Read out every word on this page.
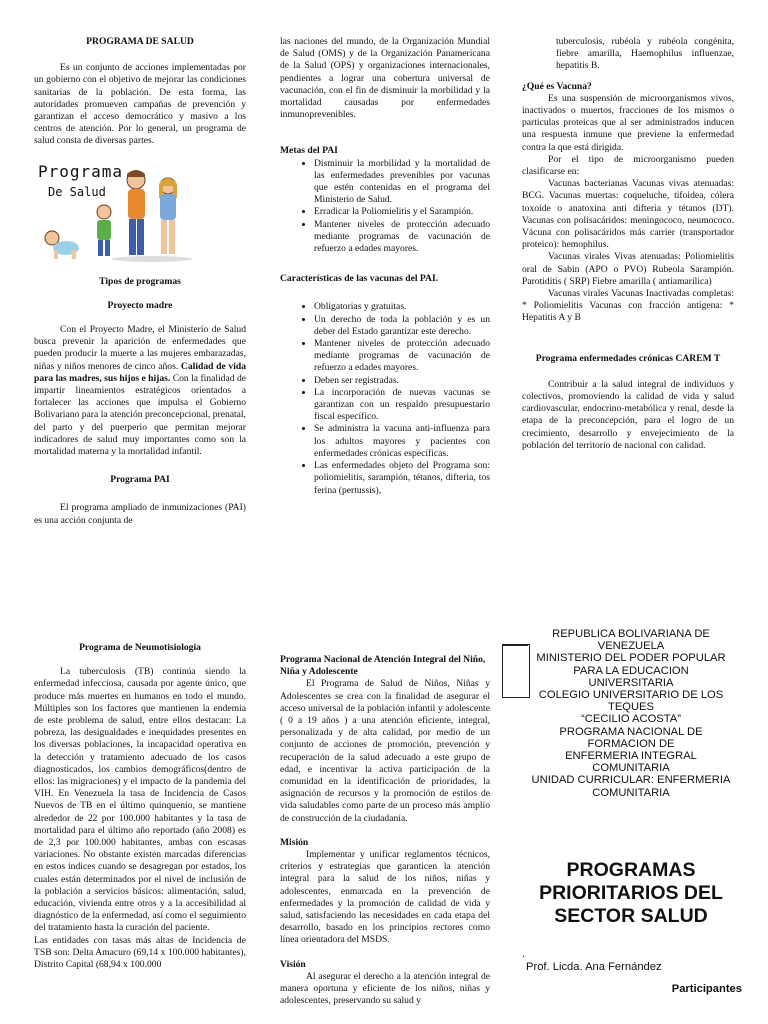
PROGRAMA DE SALUD

Es un conjunto de acciones implementadas por un gobierno con el objetivo de mejorar las condiciones sanitarias de la población. De esta forma, las autoridades promueven campañas de prevención y garantizan el acceso democrático y masivo a los centros de atención. Por lo general, un programa de salud consta de diversas partes.

Programa
De Salud

Tipos de programas

Proyecto madre

Con el Proyecto Madre, el Ministerio de Salud busca prevenir la aparición de enfermedades que pueden producir la muerte a las mujeres embarazadas, niñas y niños menores de cinco años. Calidad de vida para las madres, sus hijos e hijas. Con la finalidad de impartir lineamientos estratégicos orientados a fortalecer las acciones que impulsa el Gobierno Bolivariano para la atención preconcepcional, prenatal, del parto y del puerperio que permitan mejorar indicadores de salud muy importantes como son la mortalidad materna y la mortalidad infantil.

Programa PAI

El programa ampliado de inmunizaciones (PAI) es una acción conjunta de

las naciones del mundo, de la Organización Mundial de Salud (OMS) y de la Organización Panamericana de la Salud (OPS) y organizaciones internacionales, pendientes a lograr una cobertura universal de vacunación, con el fin de disminuir la morbilidad y la mortalidad causadas por enfermedades inmunoprevenibles.

Metas del PAI

• Disminuir la morbilidad y la mortalidad de las enfermedades prevenibles por vacunas que estén contenidas en el programa del Ministerio de Salud.
• Erradicar la Poliomielitis y el Sarampión.
• Mantener niveles de protección adecuado mediante programas de vacunación de refuerzo a edades mayores.

Características de las vacunas del PAI.

• Obligatorias y gratuitas.
• Un derecho de toda la población y es un deber del Estado garantizar este derecho.
• Mantener niveles de protección adecuado mediante programas de vacunación de refuerzo a edades mayores.
• Deben ser registradas.
• La incorporación de nuevas vacunas se garantizan con un respaldo presupuestario fiscal específico.
• Se administra la vacuna anti-influenza para los adultos mayores y pacientes con enfermedades crónicas específicas.
• Las enfermedades objeto del Programa son: poliomielitis, sarampión, tétanos, difteria, tos ferina (pertussis),

tuberculosis, rubéola y rubéola congénita, fiebre amarilla, Haemophilus influenzae, hepatitis B.

¿Qué es Vacuna?

Es una suspensión de microorganismos vivos, inactivados o muertos, fracciones de los mismos o partículas proteicas que al ser administrados inducen una respuesta inmune que previene la enfermedad contra la que está dirigida.

Por el tipo de microorganismo pueden clasificarse en:

Vacunas bacterianas Vacunas vivas atenuadas: BCG. Vacunas muertas: coqueluche, tifoidea, cólera toxoide o anatoxina anti difteria y tétanos (DT). Vacunas con polisacáridos: meningococo, neumococo. Vácuna con polisacáridos más carrier (transportador proteico): hemophilus.

Vacunas virales Vivas atenuadas: Poliomielitis oral de Sabin (APO o PVO) Rubeola Sarampión. Parotiditis ( SRP) Fiebre amarilla ( antiamarílica)

Vacunas virales Vacunas Inactivadas completas: * Poliomielitis Vacunas con fracción antígena: * Hepatitis A y B

Programa enfermedades crónicas CAREM T

Contribuir a la salud integral de individuos y colectivos, promoviendo la calidad de vida y salud cardiovascular, endocrino-metabólica y renal, desde la etapa de la preconcepción, para el logro de un crecimiento, desarrollo y envejecimiento de la población del territorio de nacional con calidad.

Programa de Neumotisiologia

La tuberculosis (TB) continúa siendo la enfermedad infecciosa, causada por agente único, que produce más muertes en humanos en todo el mundo. Múltiples son los factores que mantienen la endemia de este problema de salud, entre ellos destacan: La pobreza, las desigualdades e inequidades presentes en los diversas poblaciones, la incapacidad operativa en la detección y tratamiento adecuado de los casos diagnosticados, los cambios demográficos(dentro de ellos: las migraciones) y el impacto de la pandemia del VIH. En Venezuela la tasa de Incidencia de Casos Nuevos de TB en el último quinquenio, se mantiene alrededor de 22 por 100.000 habitantes y la tasa de mortalidad para el último año reportado (año 2008) es de 2,3 por 100.000 habitantes, ambas con escasas variaciones. No obstante existen marcadas diferencias en estos índices cuando se desagregan por estados, los cuales están determinados por el nivel de inclusión de la población a servicios básicos: alimentación, salud, educación, vivienda entre otros y a la accesibilidad al diagnóstico de la enfermedad, así como el seguimiento del tratamiento hasta la curación del paciente.

Las entidades con tasas más altas de Incidencia de TSB son: Delta Amacuro (69,14 x 100.000 habitantes), Distrito Capital (68,94 x 100.000

Programa Nacional de Atención Integral del Niño, Niña y Adolescente

El Programa de Salud de Niños, Niñas y Adolescentes se crea con la finalidad de asegurar el acceso universal de la población infantil y adolescente ( 0 a 19 años ) a una atención eficiente, integral, personalizada y de alta calidad, por medio de un conjunto de acciones de promoción, prevención y recuperación de la salud adecuado a este grupo de edad, e incentivar la activa participación de la comunidad en la identificación de prioridades, la asignación de recursos y la promoción de estilos de vida saludables como parte de un proceso más amplio de construcción de la ciudadanía.

Misión

Implementar y unificar reglamentos técnicos, criterios y estrategias que garanticen la atención integral para la salud de los niños, niñas y adolescentes, enmarcada en la prevención de enfermedades y la promoción de calidad de vida y salud, satisfaciendo las necesidades en cada etapa del desarrollo, basado en los principios rectores como línea orientadora del MSDS.

Visión

Al asegurar el derecho a la atención integral de manera oportuna y eficiente de los niños, niñas y adolescentes, preservando su salud y

REPUBLICA BOLIVARIANA DE
VENEZUELA
MINISTERIO DEL PODER POPULAR
PARA LA EDUCACION
UNIVERSITARIA
COLEGIO UNIVERSITARIO DE LOS
TEQUES
“CECILIO ACOSTA”
PROGRAMA NACIONAL DE
FORMACION DE
ENFERMERIA INTEGRAL
COMUNITARIA
UNIDAD CURRICULAR: ENFERMERIA
COMUNITARIA
PROGRAMAS
PRIORITARIOS DEL
SECTOR SALUD
.
Prof. Licda. Ana Fernández
Participantes
